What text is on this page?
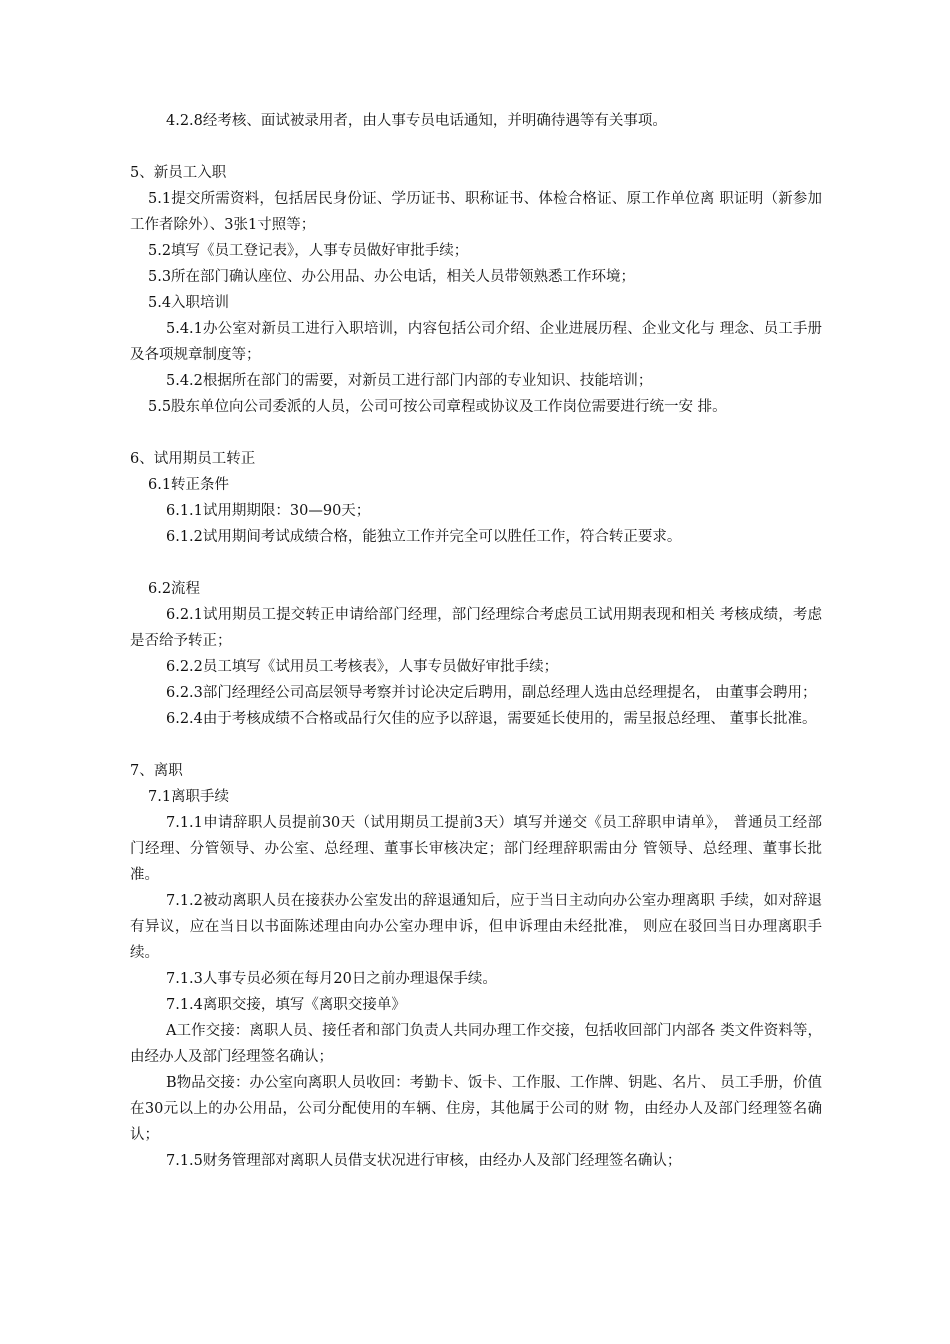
4.2.8经考核、面试被录用者，由人事专员电话通知，并明确待遇等有关事项。

5、新员工入职

5.1提交所需资料，包括居民身份证、学历证书、职称证书、体检合格证、原工作单位离 职证明（新参加工作者除外）、3张1寸照等；

5.2填写《员工登记表》，人事专员做好审批手续；

5.3所在部门确认座位、办公用品、办公电话，相关人员带领熟悉工作环境；

5.4入职培训

5.4.1办公室对新员工进行入职培训，内容包括公司介绍、企业进展历程、企业文化与 理念、员工手册及各项规章制度等；

5.4.2根据所在部门的需要，对新员工进行部门内部的专业知识、技能培训；

5.5股东单位向公司委派的人员，公司可按公司章程或协议及工作岗位需要进行统一安 排。

6、试用期员工转正

6.1转正条件

6.1.1试用期期限：30—90天；

6.1.2试用期间考试成绩合格，能独立工作并完全可以胜任工作，符合转正要求。

6.2流程

6.2.1试用期员工提交转正申请给部门经理，部门经理综合考虑员工试用期表现和相关 考核成绩，考虑是否给予转正；

6.2.2员工填写《试用员工考核表》，人事专员做好审批手续；

6.2.3部门经理经公司高层领导考察并讨论决定后聘用，副总经理人选由总经理提名， 由董事会聘用；

6.2.4由于考核成绩不合格或品行欠佳的应予以辞退，需要延长使用的，需呈报总经理、 董事长批准。

7、离职

7.1离职手续

7.1.1申请辞职人员提前30天（试用期员工提前3天）填写并递交《员工辞职申请单》， 普通员工经部门经理、分管领导、办公室、总经理、董事长审核决定；部门经理辞职需由分 管领导、总经理、董事长批准。

7.1.2被动离职人员在接获办公室发出的辞退通知后，应于当日主动向办公室办理离职 手续，如对辞退有异议，应在当日以书面陈述理由向办公室办理申诉，但申诉理由未经批准， 则应在驳回当日办理离职手续。

7.1.3人事专员必须在每月20日之前办理退保手续。

7.1.4离职交接，填写《离职交接单》

A工作交接：离职人员、接任者和部门负责人共同办理工作交接，包括收回部门内部各 类文件资料等，由经办人及部门经理签名确认；

B物品交接：办公室向离职人员收回：考勤卡、饭卡、工作服、工作牌、钥匙、名片、 员工手册，价值在30元以上的办公用品，公司分配使用的车辆、住房，其他属于公司的财 物，由经办人及部门经理签名确认；

7.1.5财务管理部对离职人员借支状况进行审核，由经办人及部门经理签名确认；
